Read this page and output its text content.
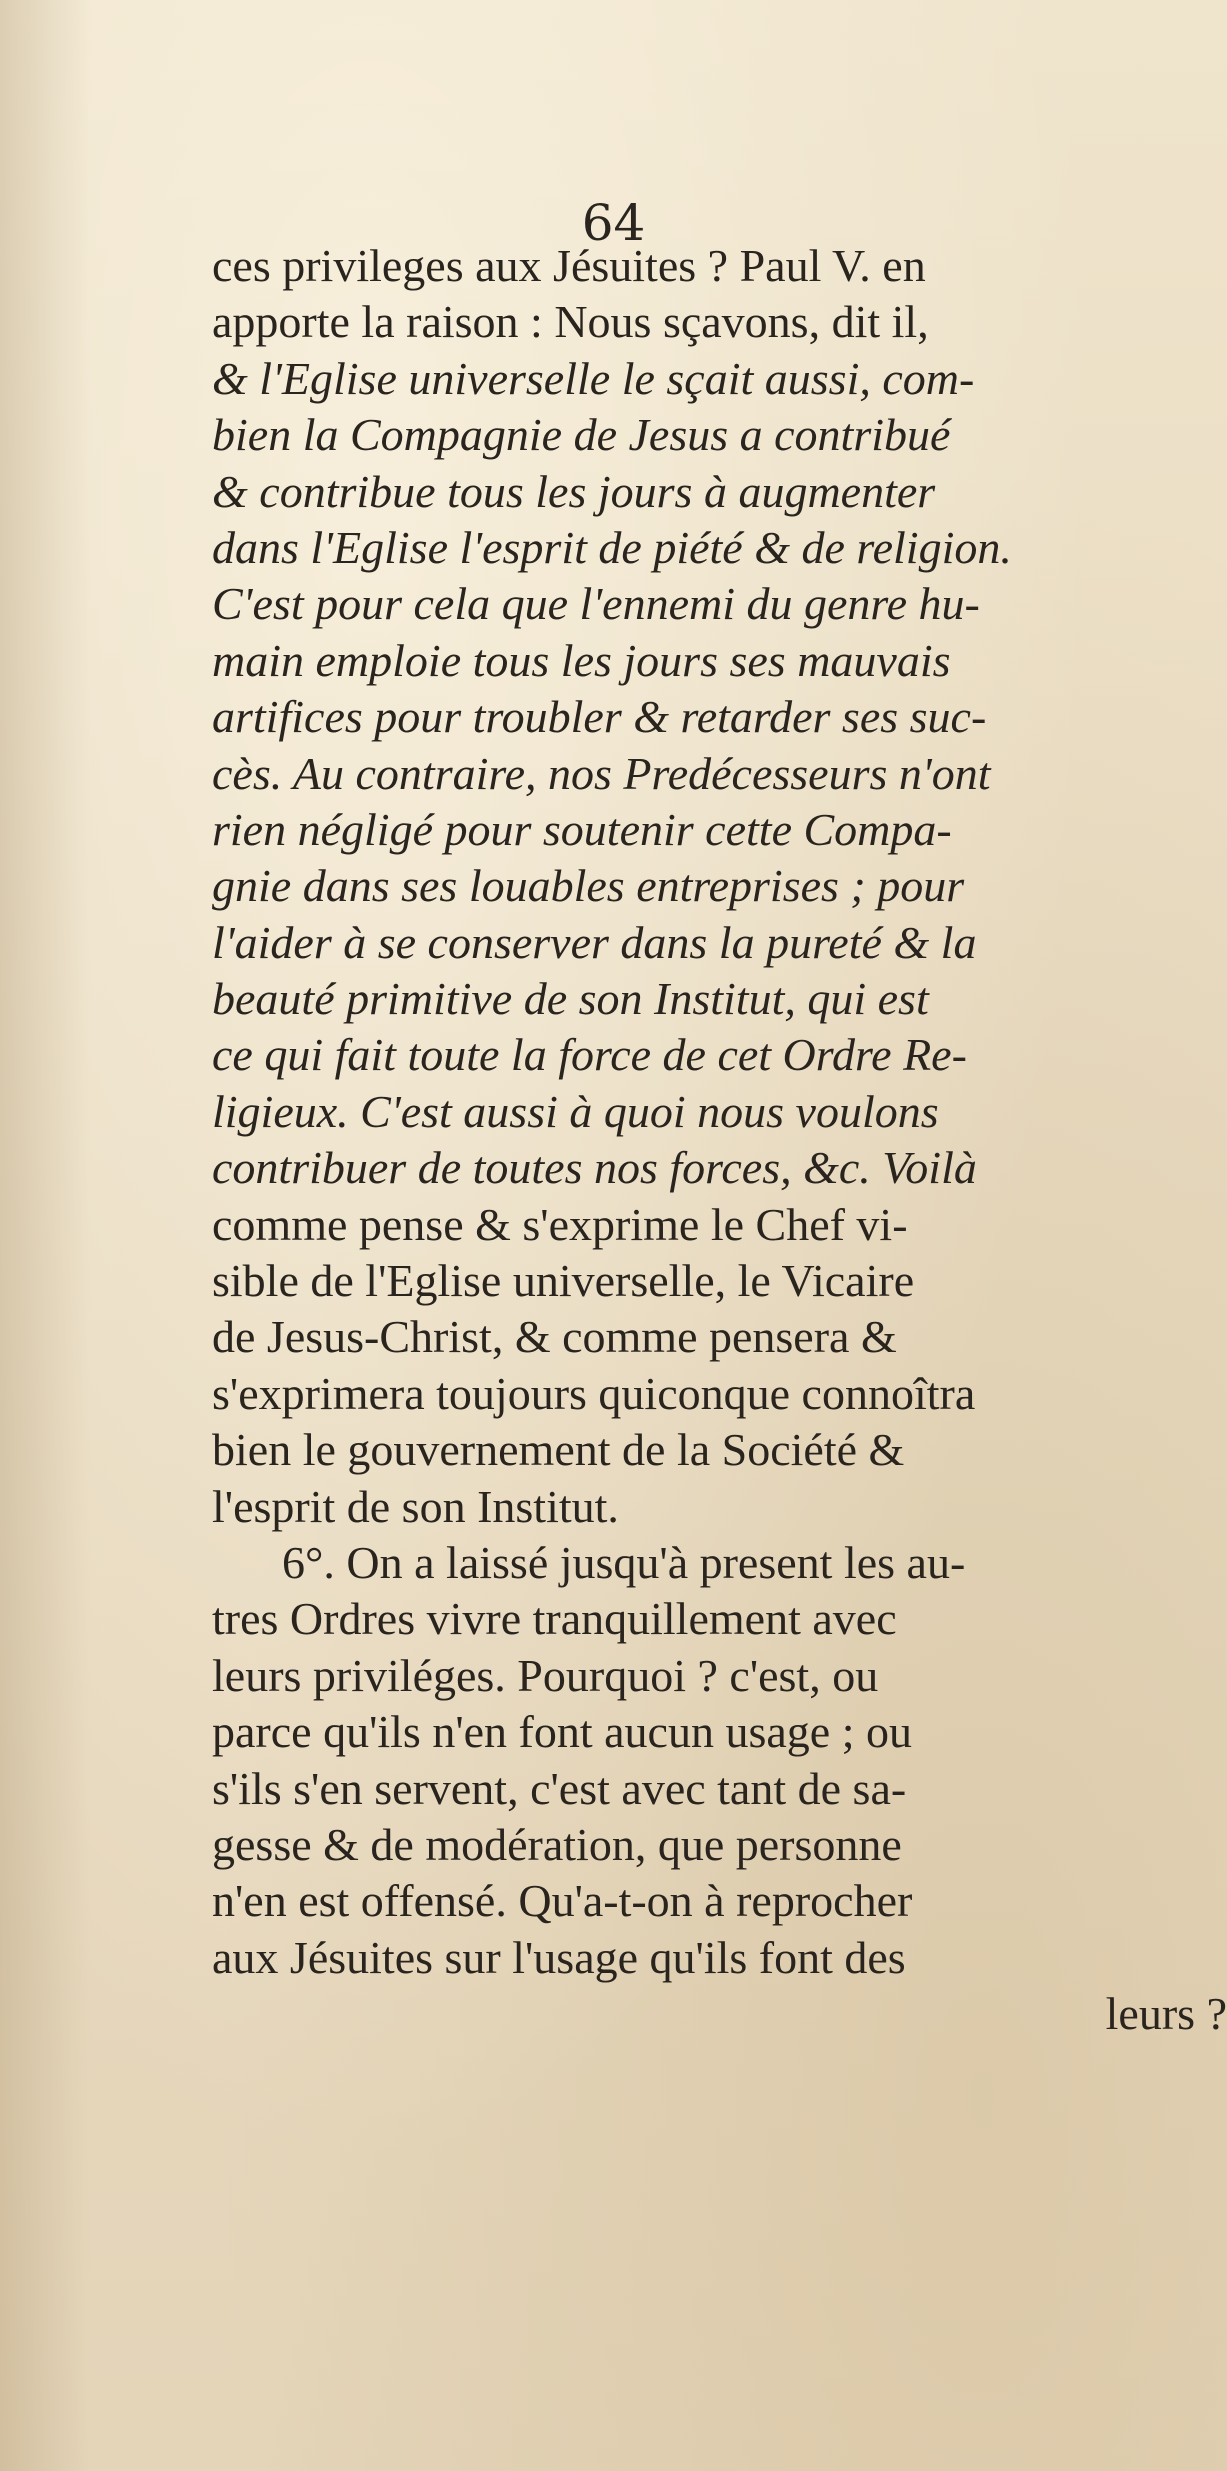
64
ces privileges aux Jésuites ? Paul V. en
apporte la raison : Nous sçavons, dit il,
& l'Eglise universelle le sçait aussi, com-
bien la Compagnie de Jesus a contribué
& contribue tous les jours à augmenter
dans l'Eglise l'esprit de piété & de religion.
C'est pour cela que l'ennemi du genre hu-
main emploie tous les jours ses mauvais
artifices pour troubler & retarder ses suc-
cès. Au contraire, nos Predécesseurs n'ont
rien négligé pour soutenir cette Compa-
gnie dans ses louables entreprises ; pour
l'aider à se conserver dans la pureté & la
beauté primitive de son Institut, qui est
ce qui fait toute la force de cet Ordre Re-
ligieux. C'est aussi à quoi nous voulons
contribuer de toutes nos forces, &c. Voilà
comme pense & s'exprime le Chef vi-
sible de l'Eglise universelle, le Vicaire
de Jesus-Christ, & comme pensera &
s'exprimera toujours quiconque connoîtra
bien le gouvernement de la Société &
l'esprit de son Institut.
6°. On a laissé jusqu'à present les au-
tres Ordres vivre tranquillement avec
leurs priviléges. Pourquoi ? c'est, ou
parce qu'ils n'en font aucun usage ; ou
s'ils s'en servent, c'est avec tant de sa-
gesse & de modération, que personne
n'en est offensé. Qu'a-t-on à reprocher
aux Jésuites sur l'usage qu'ils font des
leurs ?
